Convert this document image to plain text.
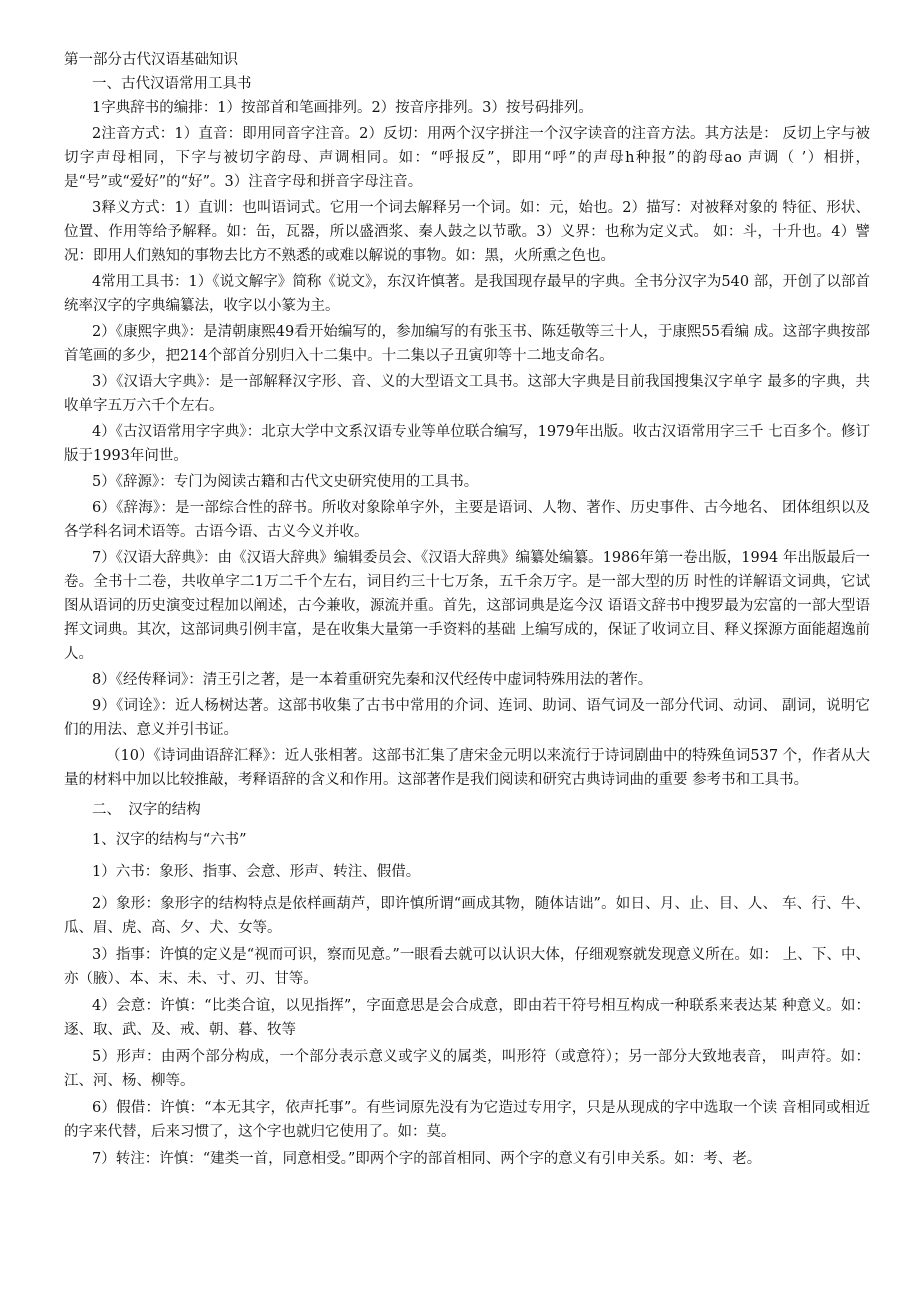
第一部分古代汉语基础知识

一、古代汉语常用工具书

1字典辞书的编排：1）按部首和笔画排列。2）按音序排列。3）按号码排列。

2注音方式：1）直音：即用同音字注音。2）反切：用两个汉字拼注一个汉字读音的注音方法。其方法是： 反切上字与被切字声母相同，下字与被切字韵母、声调相同。如：“呼报反”，即用“呼”的声母h种报”的韵母ao 声调（ ’）相拼，是“号”或“爱好”的“好”。3）注音字母和拼音字母注音。

3释义方式：1）直训：也叫语词式。它用一个词去解释另一个词。如：元，始也。2）描写：对被释对象的 特征、形状、位置、作用等给予解释。如：缶，瓦器，所以盛酒浆、秦人鼓之以节歌。3）义界：也称为定义式。 如：斗，十升也。4）譬况：即用人们熟知的事物去比方不熟悉的或难以解说的事物。如：黑，火所熏之色也。

4常用工具书：1）《说文解字》简称《说文》，东汉许慎著。是我国现存最早的字典。全书分汉字为540 部，开创了以部首统率汉字的字典编纂法，收字以小篆为主。

2）《康熙字典》：是清朝康熙49看开始编写的，参加编写的有张玉书、陈廷敬等三十人，于康熙55看编 成。这部字典按部首笔画的多少，把214个部首分别归入十二集中。十二集以子丑寅卯等十二地支命名。

3）《汉语大字典》：是一部解释汉字形、音、义的大型语文工具书。这部大字典是目前我国搜集汉字单字 最多的字典，共收单字五万六千个左右。

4）《古汉语常用字字典》：北京大学中文系汉语专业等单位联合编写，1979年出版。收古汉语常用字三千 七百多个。修订版于1993年问世。

5）《辞源》：专门为阅读古籍和古代文史研究使用的工具书。

6）《辞海》：是一部综合性的辞书。所收对象除单字外，主要是语词、人物、著作、历史事件、古今地名、 团体组织以及各学科名词术语等。古语今语、古义今义并收。

7）《汉语大辞典》：由《汉语大辞典》编辑委员会、《汉语大辞典》编纂处编纂。1986年第一卷出版，1994 年出版最后一卷。全书十二卷，共收单字二1万二千个左右，词目约三十七万条，五千余万字。是一部大型的历 时性的详解语文词典，它试图从语词的历史演变过程加以阐述，古今兼收，源流并重。首先，这部词典是迄今汉 语语文辞书中搜罗最为宏富的一部大型语挥文词典。其次，这部词典引例丰富，是在收集大量第一手资料的基础 上编写成的，保证了收词立目、释义探源方面能超逸前人。

8）《经传释词》：清王引之著，是一本着重研究先秦和汉代经传中虚词特殊用法的著作。

9）《词诠》：近人杨树达著。这部书收集了古书中常用的介词、连词、助词、语气词及一部分代词、动词、 副词，说明它们的用法、意义并引书证。

（10）《诗词曲语辞汇释》：近人张相著。这部书汇集了唐宋金元明以来流行于诗词剧曲中的特殊鱼词537 个，作者从大量的材料中加以比较推敲，考释语辞的含义和作用。这部著作是我们阅读和研究古典诗词曲的重要 参考书和工具书。

二、　汉字的结构

1、汉字的结构与“六书”

1）六书：象形、指事、会意、形声、转注、假借。

2）象形：象形字的结构特点是依样画葫芦，即许慎所谓“画成其物，随体诘诎”。如日、月、止、目、人、 车、行、牛、瓜、眉、虎、高、夕、犬、女等。

3）指事：许慎的定义是“视而可识，察而见意。”一眼看去就可以认识大体，仔细观察就发现意义所在。如： 上、下、中、亦（腋）、本、末、未、寸、刃、甘等。

4）会意：许慎：“比类合谊，以见指挥”，字面意思是会合成意，即由若干符号相互构成一种联系来表达某 种意义。如：逐、取、武、及、戒、朝、暮、牧等

5）形声：由两个部分构成，一个部分表示意义或字义的属类，叫形符（或意符）；另一部分大致地表音， 叫声符。如：江、河、杨、柳等。

6）假借：许慎：“本无其字，依声托事”。有些词原先没有为它造过专用字，只是从现成的字中选取一个读 音相同或相近的字来代替，后来习惯了，这个字也就归它使用了。如：莫。

7）转注：许慎：“建类一首，同意相受。”即两个字的部首相同、两个字的意义有引申关系。如：考、老。
